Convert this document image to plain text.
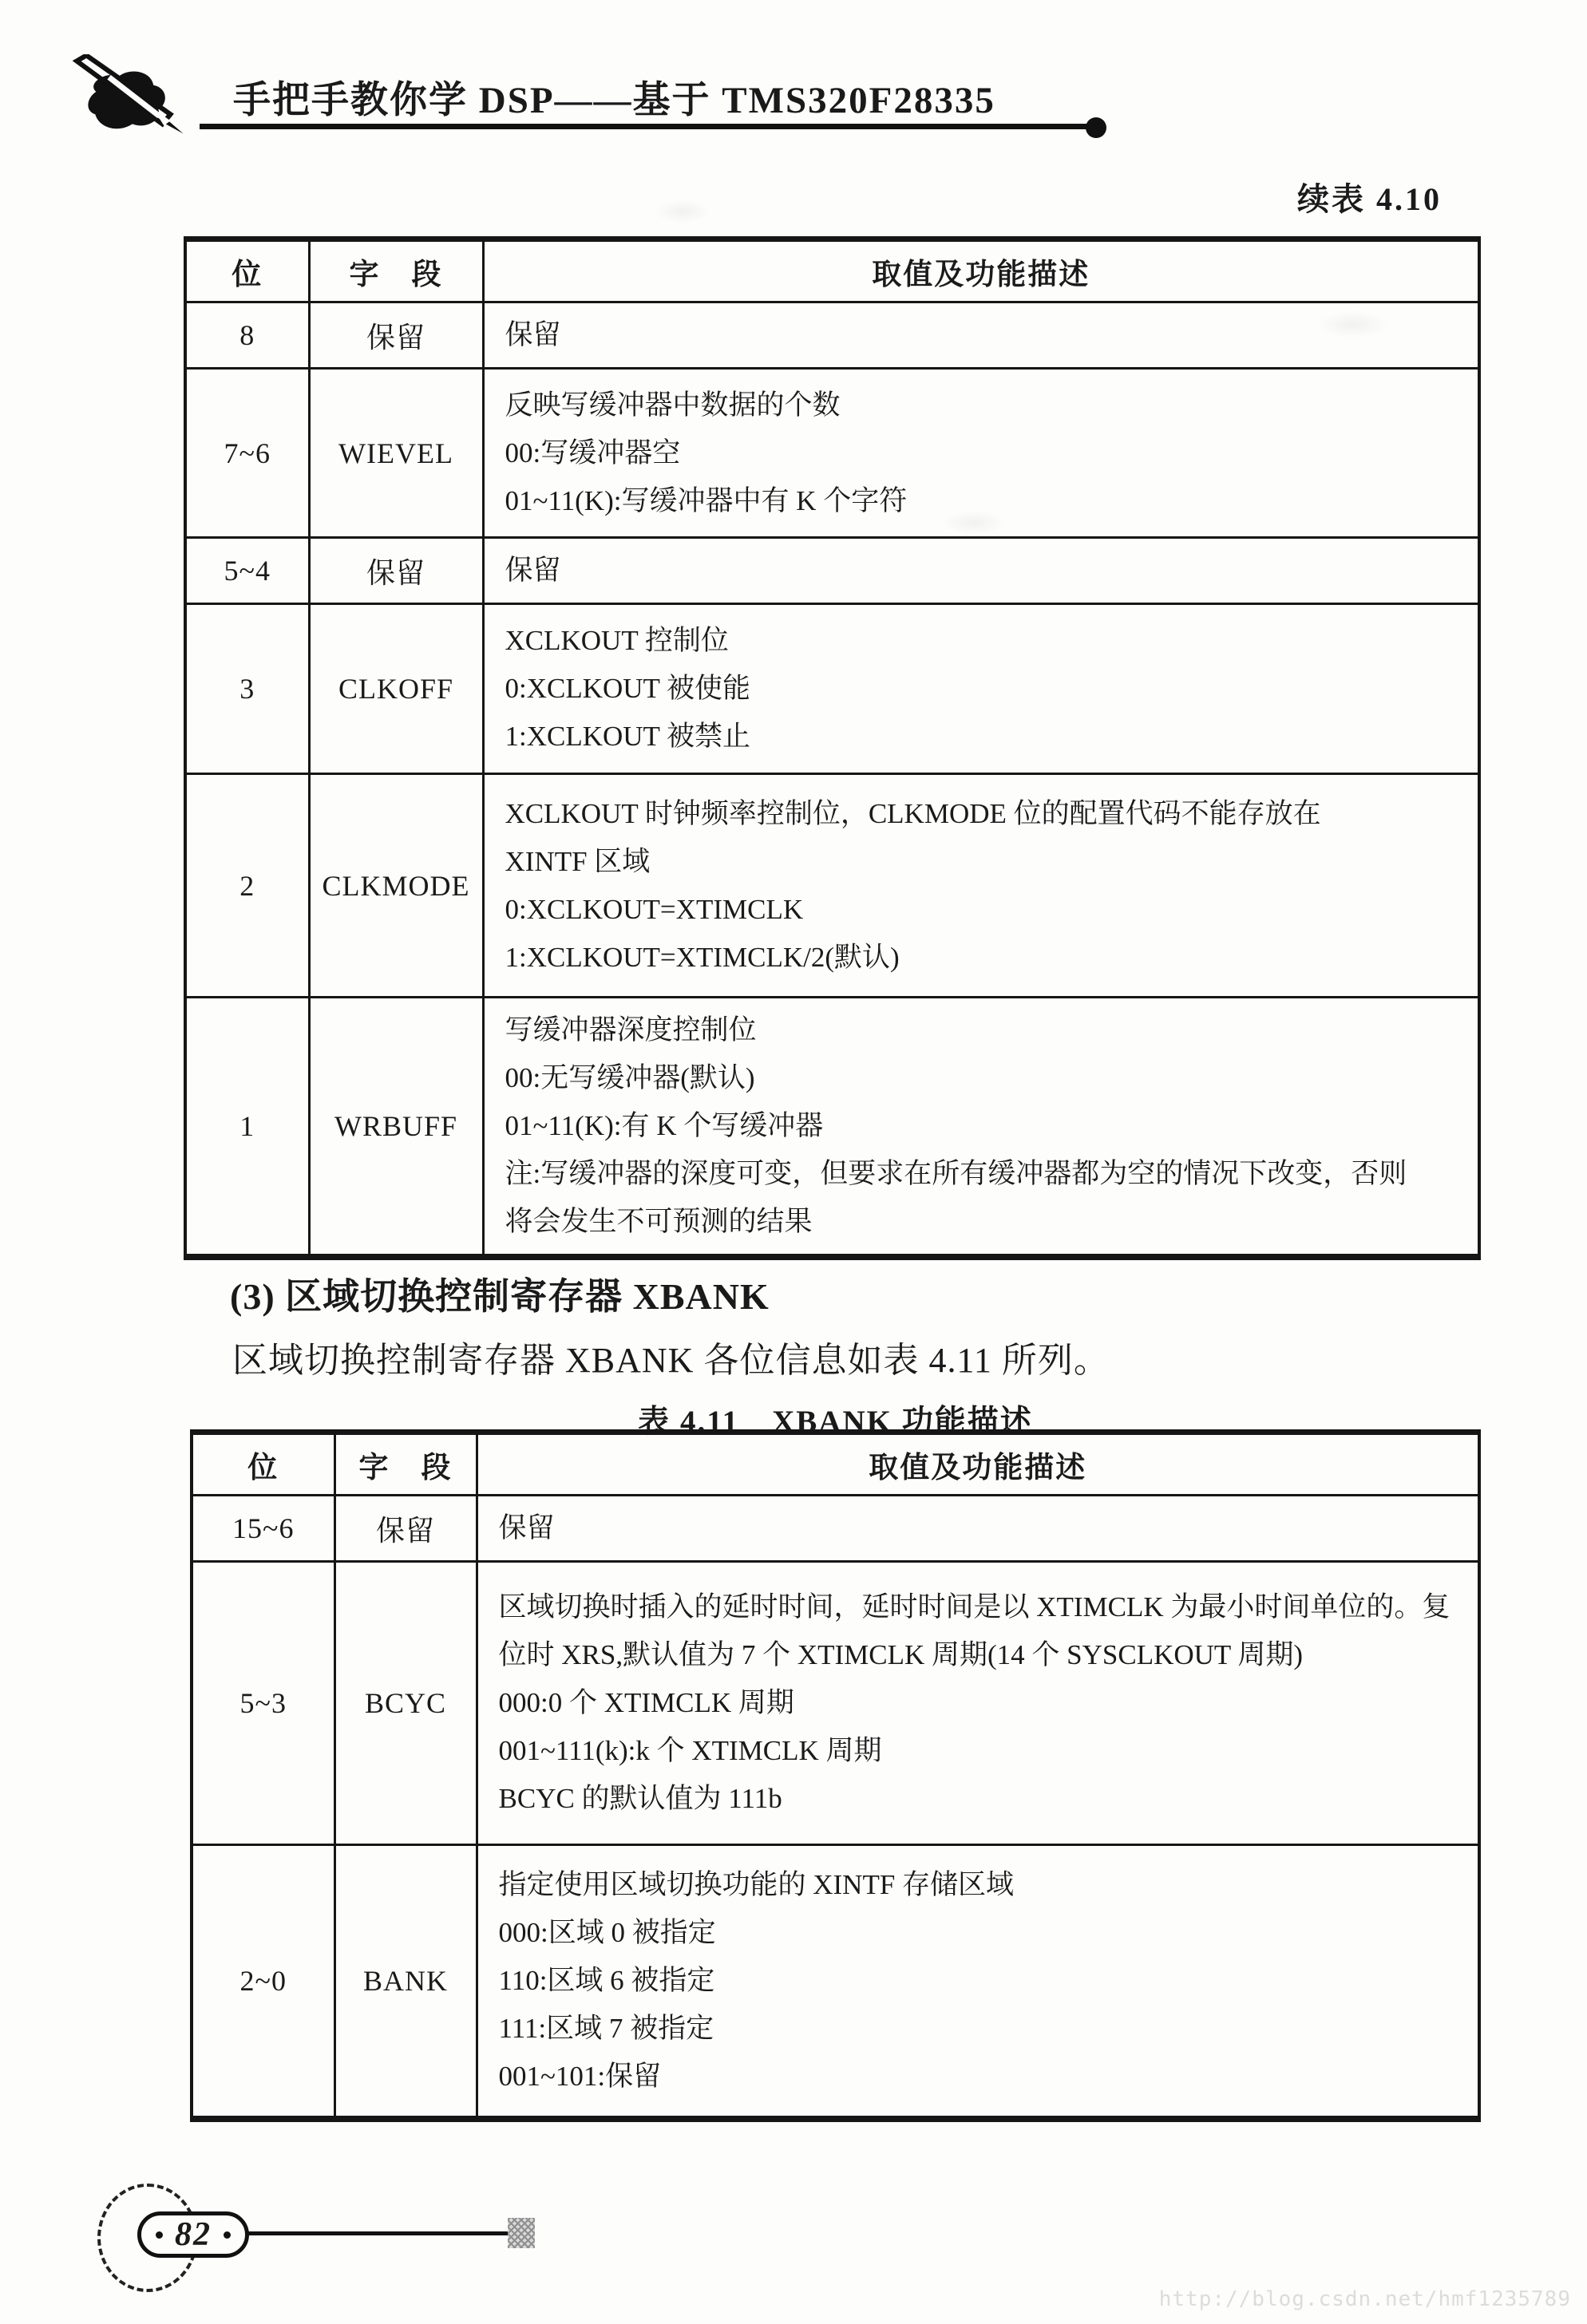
手把手教你学 DSP——基于 TMS320F28335
续表 4.10
位	字　段	取值及功能描述
8	保留	保留

7~6	WIEVEL	反映写缓冲器中数据的个数
00:写缓冲器空
01~11(K):写缓冲器中有 K 个字符

5~4	保留	保留

3	CLKOFF	XCLKOUT 控制位
0:XCLKOUT 被使能
1:XCLKOUT 被禁止

2	CLKMODE	XCLKOUT 时钟频率控制位，CLKMODE 位的配置代码不能存放在
XINTF 区域
0:XCLKOUT=XTIMCLK
1:XCLKOUT=XTIMCLK/2(默认)

1	WRBUFF	写缓冲器深度控制位
00:无写缓冲器(默认)
01~11(K):有 K 个写缓冲器
注:写缓冲器的深度可变，但要求在所有缓冲器都为空的情况下改变，否则
将会发生不可预测的结果
(3) 区域切换控制寄存器 XBANK
区域切换控制寄存器 XBANK 各位信息如表 4.11 所列。
表 4.11　XBANK 功能描述
位	字　段	取值及功能描述
15~6	保留	保留

5~3	BCYC	区域切换时插入的延时时间，延时时间是以 XTIMCLK 为最小时间单位的。复
位时 XRS,默认值为 7 个 XTIMCLK 周期(14 个 SYSCLKOUT 周期)
000:0 个 XTIMCLK 周期
001~111(k):k 个 XTIMCLK 周期
BCYC 的默认值为 111b

2~0	BANK	指定使用区域切换功能的 XINTF 存储区域
000:区域 0 被指定
110:区域 6 被指定
111:区域 7 被指定
001~101:保留
82
http://blog.csdn.net/hmf1235789
